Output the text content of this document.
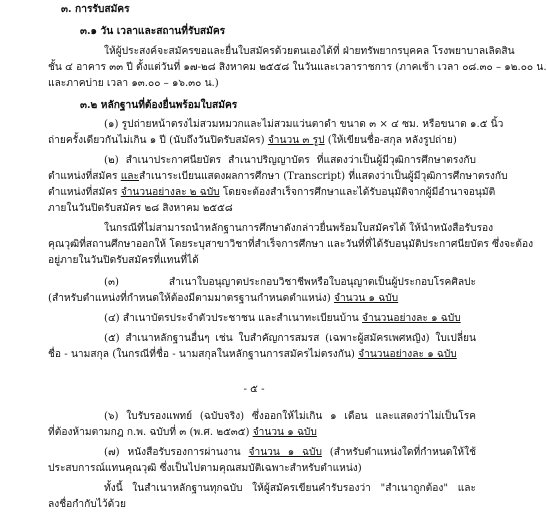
๓. การรับสมัคร
๓.๑ วัน เวลาและสถานที่รับสมัคร
ให้ผู้ประสงค์จะสมัครขอและยื่นใบสมัครด้วยตนเองได้ที่ ฝ่ายทรัพยากรบุคคล โรงพยาบาลเลิดสิน
ชั้น ๔ อาคาร ๓๓ ปี ตั้งแต่วันที่ ๑๗-๒๘ สิงหาคม ๒๕๕๘ ในวันและเวลาราชการ (ภาคเช้า เวลา ๐๘.๓๐ – ๑๒.๐๐ น.
และภาคบ่าย เวลา ๑๓.๐๐ – ๑๖.๓๐ น.)
๓.๒ หลักฐานที่ต้องยื่นพร้อมใบสมัคร
(๑) รูปถ่ายหน้าตรงไม่สวมหมวกและไม่สวมแว่นตาดำ ขนาด ๓ × ๔ ซม. หรือขนาด ๑.๕ นิ้ว
ถ่ายครั้งเดียวกันไม่เกิน ๑ ปี (นับถึงวันปิดรับสมัคร) จำนวน ๓ รูป (ให้เขียนชื่อ-สกุล หลังรูปถ่าย)
(๒) สำเนาประกาศนียบัตร สำเนาปริญญาบัตร ที่แสดงว่าเป็นผู้มีวุฒิการศึกษาตรงกับ
ตำแหน่งที่สมัคร และสำเนาระเบียนแสดงผลการศึกษา (Transcript) ที่แสดงว่าเป็นผู้มีวุฒิการศึกษาตรงกับ
ตำแหน่งที่สมัคร จำนวนอย่างละ ๒ ฉบับ โดยจะต้องสำเร็จการศึกษาและได้รับอนุมัติจากผู้มีอำนาจอนุมัติ
ภายในวันปิดรับสมัคร ๒๘ สิงหาคม ๒๕๕๘
ในกรณีที่ไม่สามารถนำหลักฐานการศึกษาดังกล่าวยื่นพร้อมใบสมัครได้ ให้นำหนังสือรับรอง
คุณวุฒิที่สถานศึกษาออกให้ โดยระบุสาขาวิชาที่สำเร็จการศึกษา และวันที่ที่ได้รับอนุมัติประกาศนียบัตร ซึ่งจะต้อง
อยู่ภายในวันปิดรับสมัครที่แทนที่ได้
(๓) สำเนาใบอนุญาตประกอบวิชาชีพหรือใบอนุญาตเป็นผู้ประกอบโรคศิลปะ
(สำหรับตำแหน่งที่กำหนดให้ต้องมีตามมาตรฐานกำหนดตำแหน่ง) จำนวน ๑ ฉบับ
(๔) สำเนาบัตรประจำตัวประชาชน และสำเนาทะเบียนบ้าน จำนวนอย่างละ ๑ ฉบับ
(๕) สำเนาหลักฐานอื่นๆ เช่น ใบสำคัญการสมรส (เฉพาะผู้สมัครเพศหญิง) ใบเปลี่ยน
ชื่อ - นามสกุล (ในกรณีที่ชื่อ - นามสกุลในหลักฐานการสมัครไม่ตรงกัน) จำนวนอย่างละ ๑ ฉบับ
- ๕ -
(๖) ใบรับรองแพทย์ (ฉบับจริง) ซึ่งออกให้ไม่เกิน ๑ เดือน และแสดงว่าไม่เป็นโรค
ที่ต้องห้ามตามกฎ ก.พ. ฉบับที่ ๓ (พ.ศ. ๒๕๓๕) จำนวน ๑ ฉบับ
(๗) หนังสือรับรองการผ่านงาน จำนวน ๑ ฉบับ (สำหรับตำแหน่งใดที่กำหนดให้ใช้
ประสบการณ์แทนคุณวุฒิ ซึ่งเป็นไปตามคุณสมบัติเฉพาะสำหรับตำแหน่ง)
ทั้งนี้ ในสำเนาหลักฐานทุกฉบับ ให้ผู้สมัครเขียนคำรับรองว่า "สำเนาถูกต้อง" และ
ลงชื่อกำกับไว้ด้วย
